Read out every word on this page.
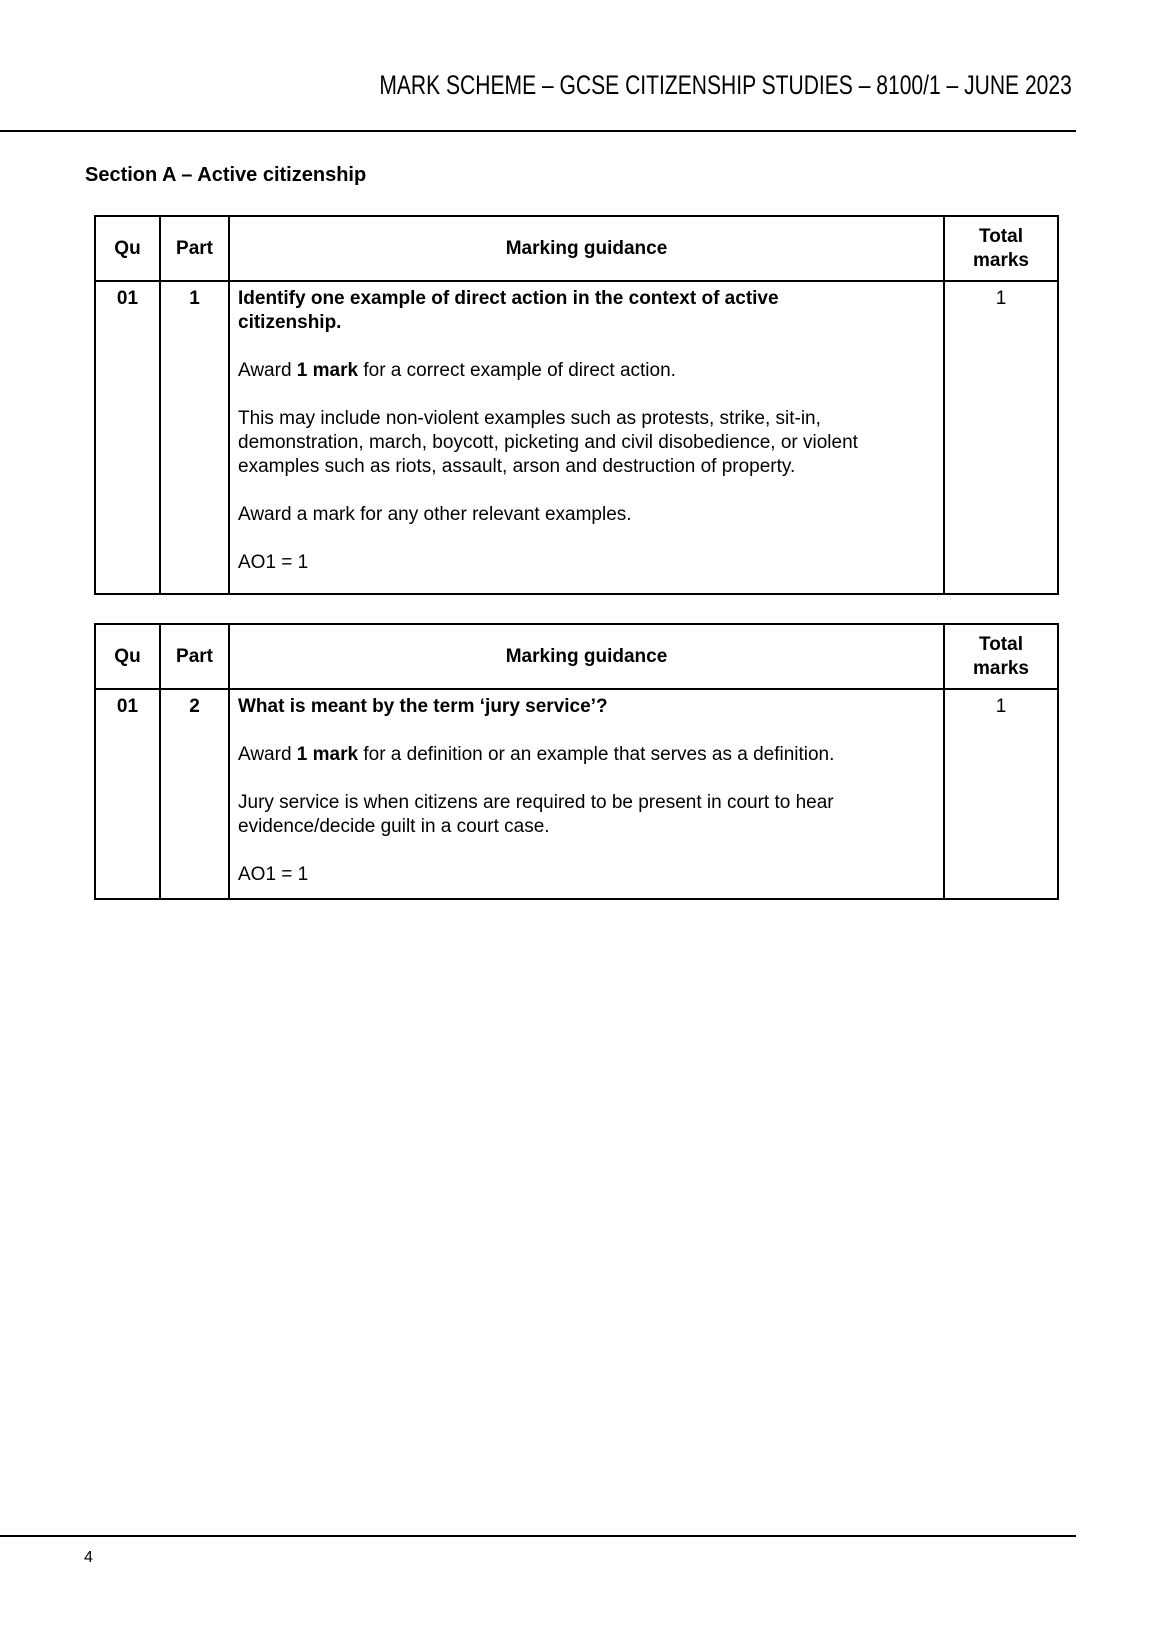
MARK SCHEME – GCSE CITIZENSHIP STUDIES – 8100/1 – JUNE 2023
Section A – Active citizenship
Qu	Part	Marking guidance	Total marks
01	1	Identify one example of direct action in the context of active
citizenship.

Award 1 mark for a correct example of direct action.

This may include non-violent examples such as protests, strike, sit-in,
demonstration, march, boycott, picketing and civil disobedience, or violent
examples such as riots, assault, arson and destruction of property.

Award a mark for any other relevant examples.

AO1 = 1

	1
Qu	Part	Marking guidance	Total marks
01	2	What is meant by the term ‘jury service’?

Award 1 mark for a definition or an example that serves as a definition.

Jury service is when citizens are required to be present in court to hear
evidence/decide guilt in a court case.

AO1 = 1	1
4
